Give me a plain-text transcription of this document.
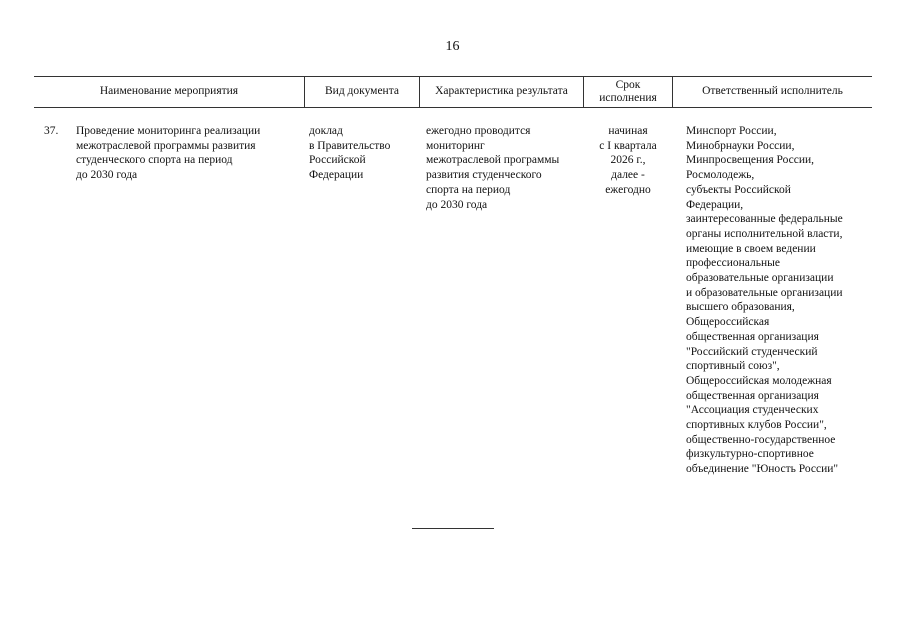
16
Наименование мероприятия	Вид документа	Характеристика результата
Срок
исполнения
Ответственный исполнитель
37. Проведение мониторинга реализации
межотраслевой программы развития
студенческого спорта на период
до 2030 года
доклад
в Правительство
Российской
Федерации
ежегодно проводится
мониторинг
межотраслевой программы
развития студенческого
спорта на период
до 2030 года
начиная
с I квартала
2026 г.,
далее -
ежегодно
Минспорт России,
Минобрнауки России,
Минпросвещения России,
Росмолодежь,
субъекты Российской
Федерации,
заинтересованные федеральные
органы исполнительной власти,
имеющие в своем ведении
профессиональные
образовательные организации
и образовательные организации
высшего образования,
Общероссийская
общественная организация
"Российский студенческий
спортивный союз",
Общероссийская молодежная
общественная организация
"Ассоциация студенческих
спортивных клубов России",
общественно-государственное
физкультурно-спортивное
объединение "Юность России"
